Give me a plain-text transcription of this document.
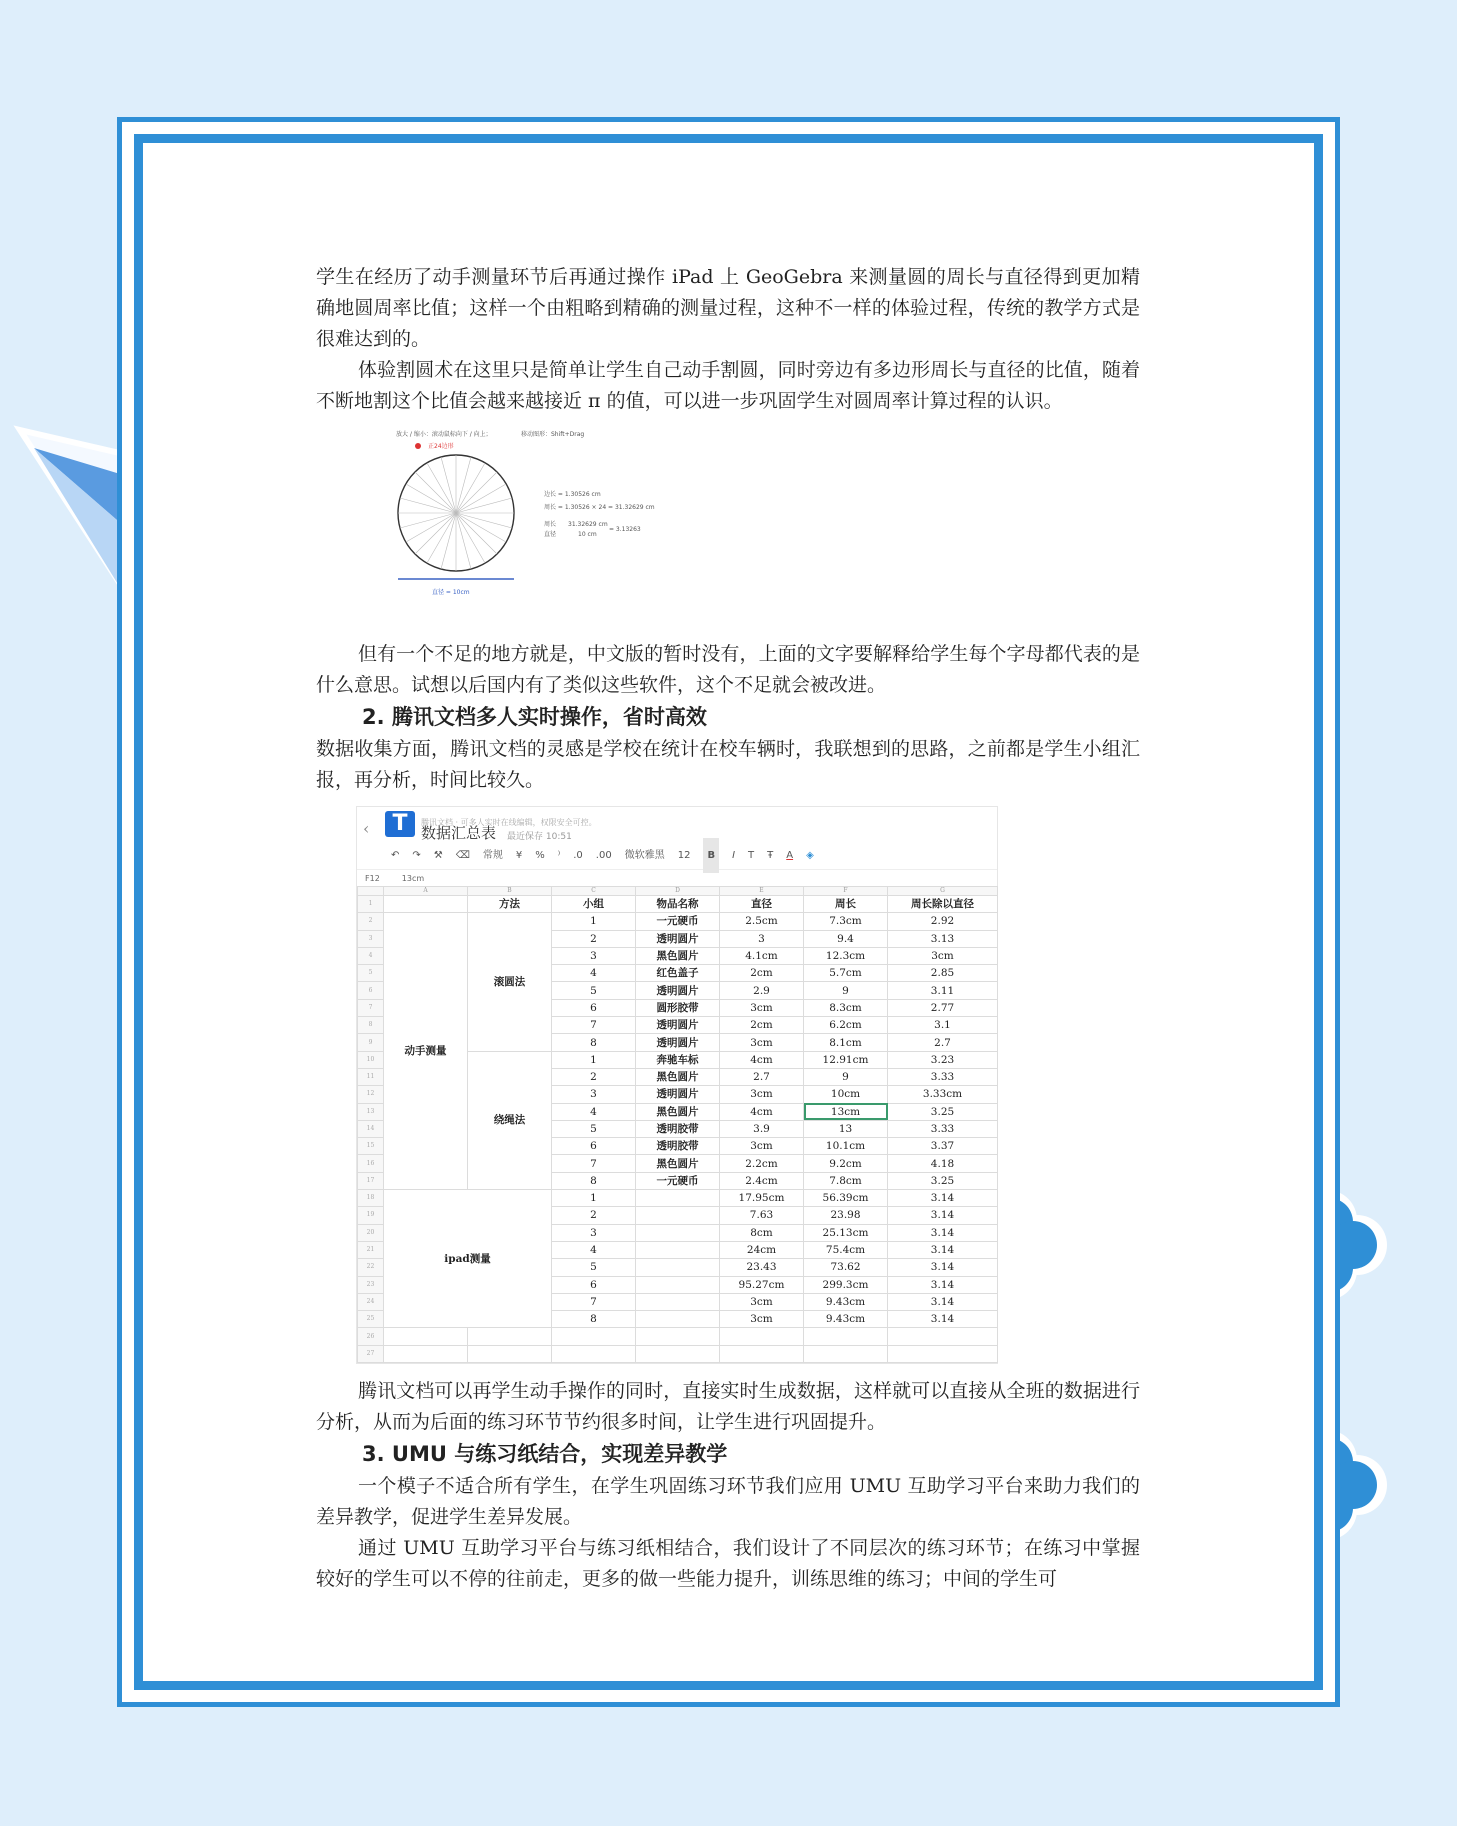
学生在经历了动手测量环节后再通过操作 iPad 上 GeoGebra 来测量圆的周长与直径得到更加精确地圆周率比值；这样一个由粗略到精确的测量过程，这种不一样的体验过程，传统的教学方式是很难达到的。

体验割圆术在这里只是简单让学生自己动手割圆，同时旁边有多边形周长与直径的比值，随着不断地割这个比值会越来越接近 π 的值，可以进一步巩固学生对圆周率计算过程的认识。

放大 / 缩小：滚动鼠标向下 / 向上；	移动图形：Shift+Drag
正24边形
直径 = 10cm
边长 = 1.30526 cm
周长 = 1.30526 × 24 = 31.32629 cm
周长
直径
31.32629 cm
10 cm
= 3.13263

但有一个不足的地方就是，中文版的暂时没有，上面的文字要解释给学生每个字母都代表的是什么意思。试想以后国内有了类似这些软件，这个不足就会被改进。

2. 腾讯文档多人实时操作，省时高效

数据收集方面，腾讯文档的灵感是学校在统计在校车辆时，我联想到的思路，之前都是学生小组汇报，再分析，时间比较久。

‹	T	腾讯文档 · 可多人实时在线编辑，权限安全可控。
数据汇总表 最近保存 10:51
↶ ↷ ⚒ ⌫ 常规 ¥ % ⁾ .0 .00 微软雅黑 12	B	I T Ŧ A ◈
F12	13cm
	A	B	C	D	E	F	G
1		方法	小组	物品名称	直径	周长	周长除以直径
2	动手测量	滚圆法	1	一元硬币	2.5cm	7.3cm	2.92
3			2	透明圆片	3	9.4	3.13
4			3	黑色圆片	4.1cm	12.3cm	3cm
5			4	红色盖子	2cm	5.7cm	2.85
6			5	透明圆片	2.9	9	3.11
7			6	圆形胶带	3cm	8.3cm	2.77
8			7	透明圆片	2cm	6.2cm	3.1
9			8	透明圆片	3cm	8.1cm	2.7
10		绕绳法	1	奔驰车标	4cm	12.91cm	3.23
11			2	黑色圆片	2.7	9	3.33
12			3	透明圆片	3cm	10cm	3.33cm
13			4	黑色圆片	4cm	13cm	3.25
14			5	透明胶带	3.9	13	3.33
15			6	透明胶带	3cm	10.1cm	3.37
16			7	黑色圆片	2.2cm	9.2cm	4.18
17			8	一元硬币	2.4cm	7.8cm	3.25
18	ipad测量		1		17.95cm	56.39cm	3.14
19			2		7.63	23.98	3.14
20			3		8cm	25.13cm	3.14
21			4		24cm	75.4cm	3.14
22			5		23.43	73.62	3.14
23			6		95.27cm	299.3cm	3.14
24			7		3cm	9.43cm	3.14
25			8		3cm	9.43cm	3.14
26							
27							

腾讯文档可以再学生动手操作的同时，直接实时生成数据，这样就可以直接从全班的数据进行分析，从而为后面的练习环节节约很多时间，让学生进行巩固提升。

3. UMU 与练习纸结合，实现差异教学

一个模子不适合所有学生，在学生巩固练习环节我们应用 UMU 互助学习平台来助力我们的差异教学，促进学生差异发展。

通过 UMU 互助学习平台与练习纸相结合，我们设计了不同层次的练习环节；在练习中掌握较好的学生可以不停的往前走，更多的做一些能力提升，训练思维的练习；中间的学生可
